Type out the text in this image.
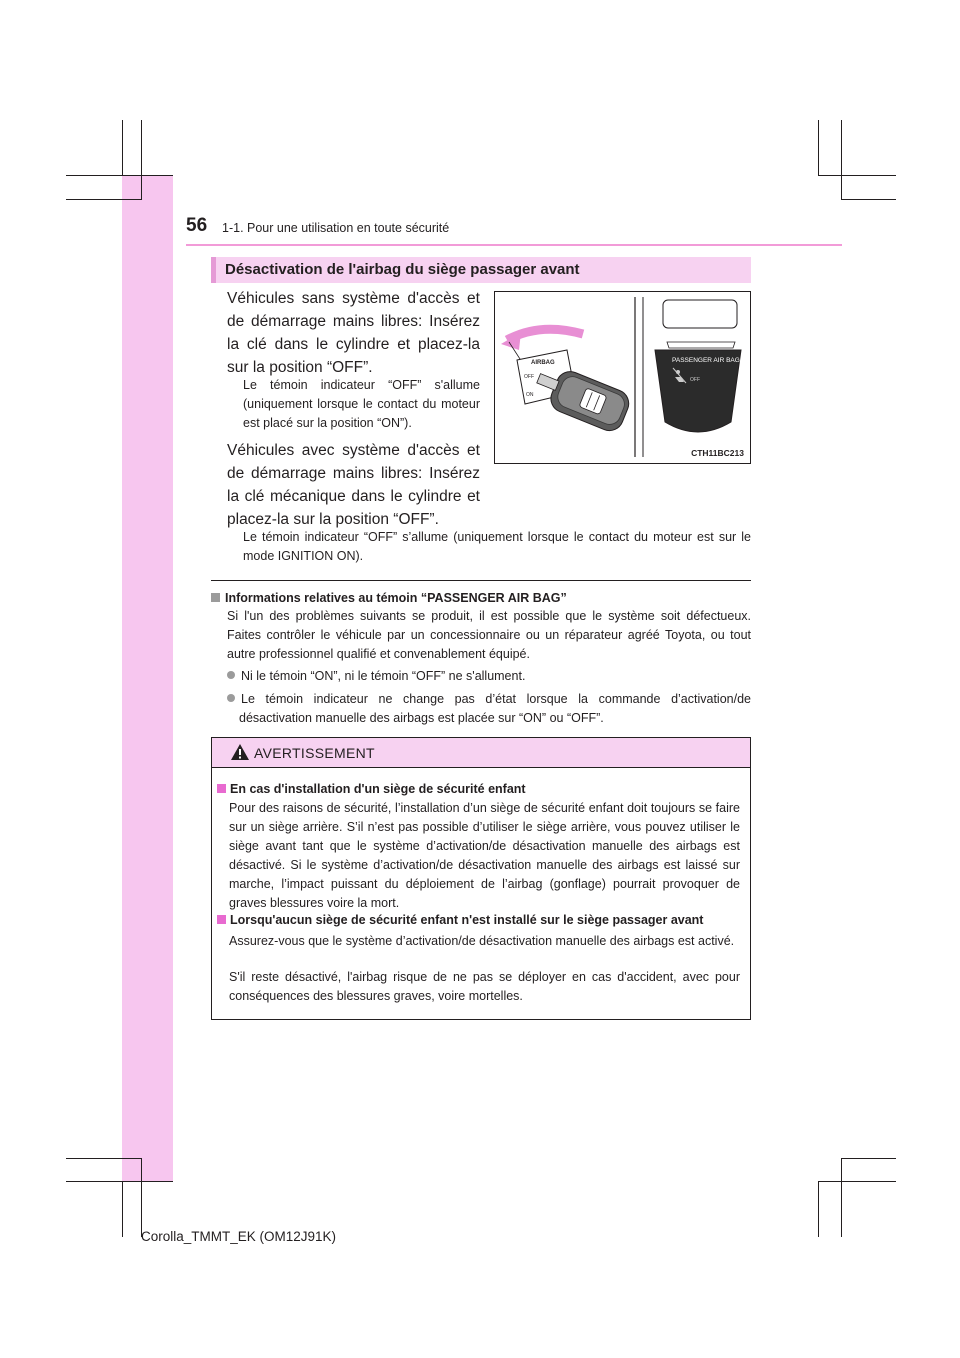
56 1-1. Pour une utilisation en toute sécurité
Désactivation de l'airbag du siège passager avant
Véhicules sans système d'accès et de démarrage mains libres: Insérez la clé dans le cylindre et placez-la sur la position “OFF”.
Le témoin indicateur “OFF” s'allume (uniquement lorsque le contact du moteur est placé sur la position “ON”).
Véhicules avec système d'accès et de démarrage mains libres: Insérez la clé mécanique dans le cylindre et placez-la sur la position “OFF”.
Le témoin indicateur “OFF” s’allume (uniquement lorsque le contact du moteur est sur le mode IGNITION ON).
AIRBAG
OFF
ON
PASSENGER AIR BAG
OFF
CTH11BC213
Informations relatives au témoin “PASSENGER AIR BAG”
Si l'un des problèmes suivants se produit, il est possible que le système soit défectueux. Faites contrôler le véhicule par un concessionnaire ou un réparateur agréé Toyota, ou tout autre professionnel qualifié et convenablement équipé.
Ni le témoin “ON”, ni le témoin “OFF” ne s'allument.
Le témoin indicateur ne change pas d’état lorsque la commande d’activation/de désactivation manuelle des airbags est placée sur “ON” ou “OFF”.
AVERTISSEMENT
En cas d'installation d'un siège de sécurité enfant
Pour des raisons de sécurité, l’installation d’un siège de sécurité enfant doit toujours se faire sur un siège arrière. S’il n’est pas possible d’utiliser le siège arrière, vous pouvez utiliser le siège avant tant que le système d’activation/de désactivation manuelle des airbags est désactivé. Si le système d’activation/de désactivation manuelle des airbags est laissé sur marche, l’impact puissant du déploiement de l’airbag (gonflage) pourrait provoquer de graves blessures voire la mort.
Lorsqu'aucun siège de sécurité enfant n'est installé sur le siège passager avant
Assurez-vous que le système d’activation/de désactivation manuelle des airbags est activé.
S'il reste désactivé, l'airbag risque de ne pas se déployer en cas d'accident, avec pour conséquences des blessures graves, voire mortelles.
Corolla_TMMT_EK (OM12J91K)
